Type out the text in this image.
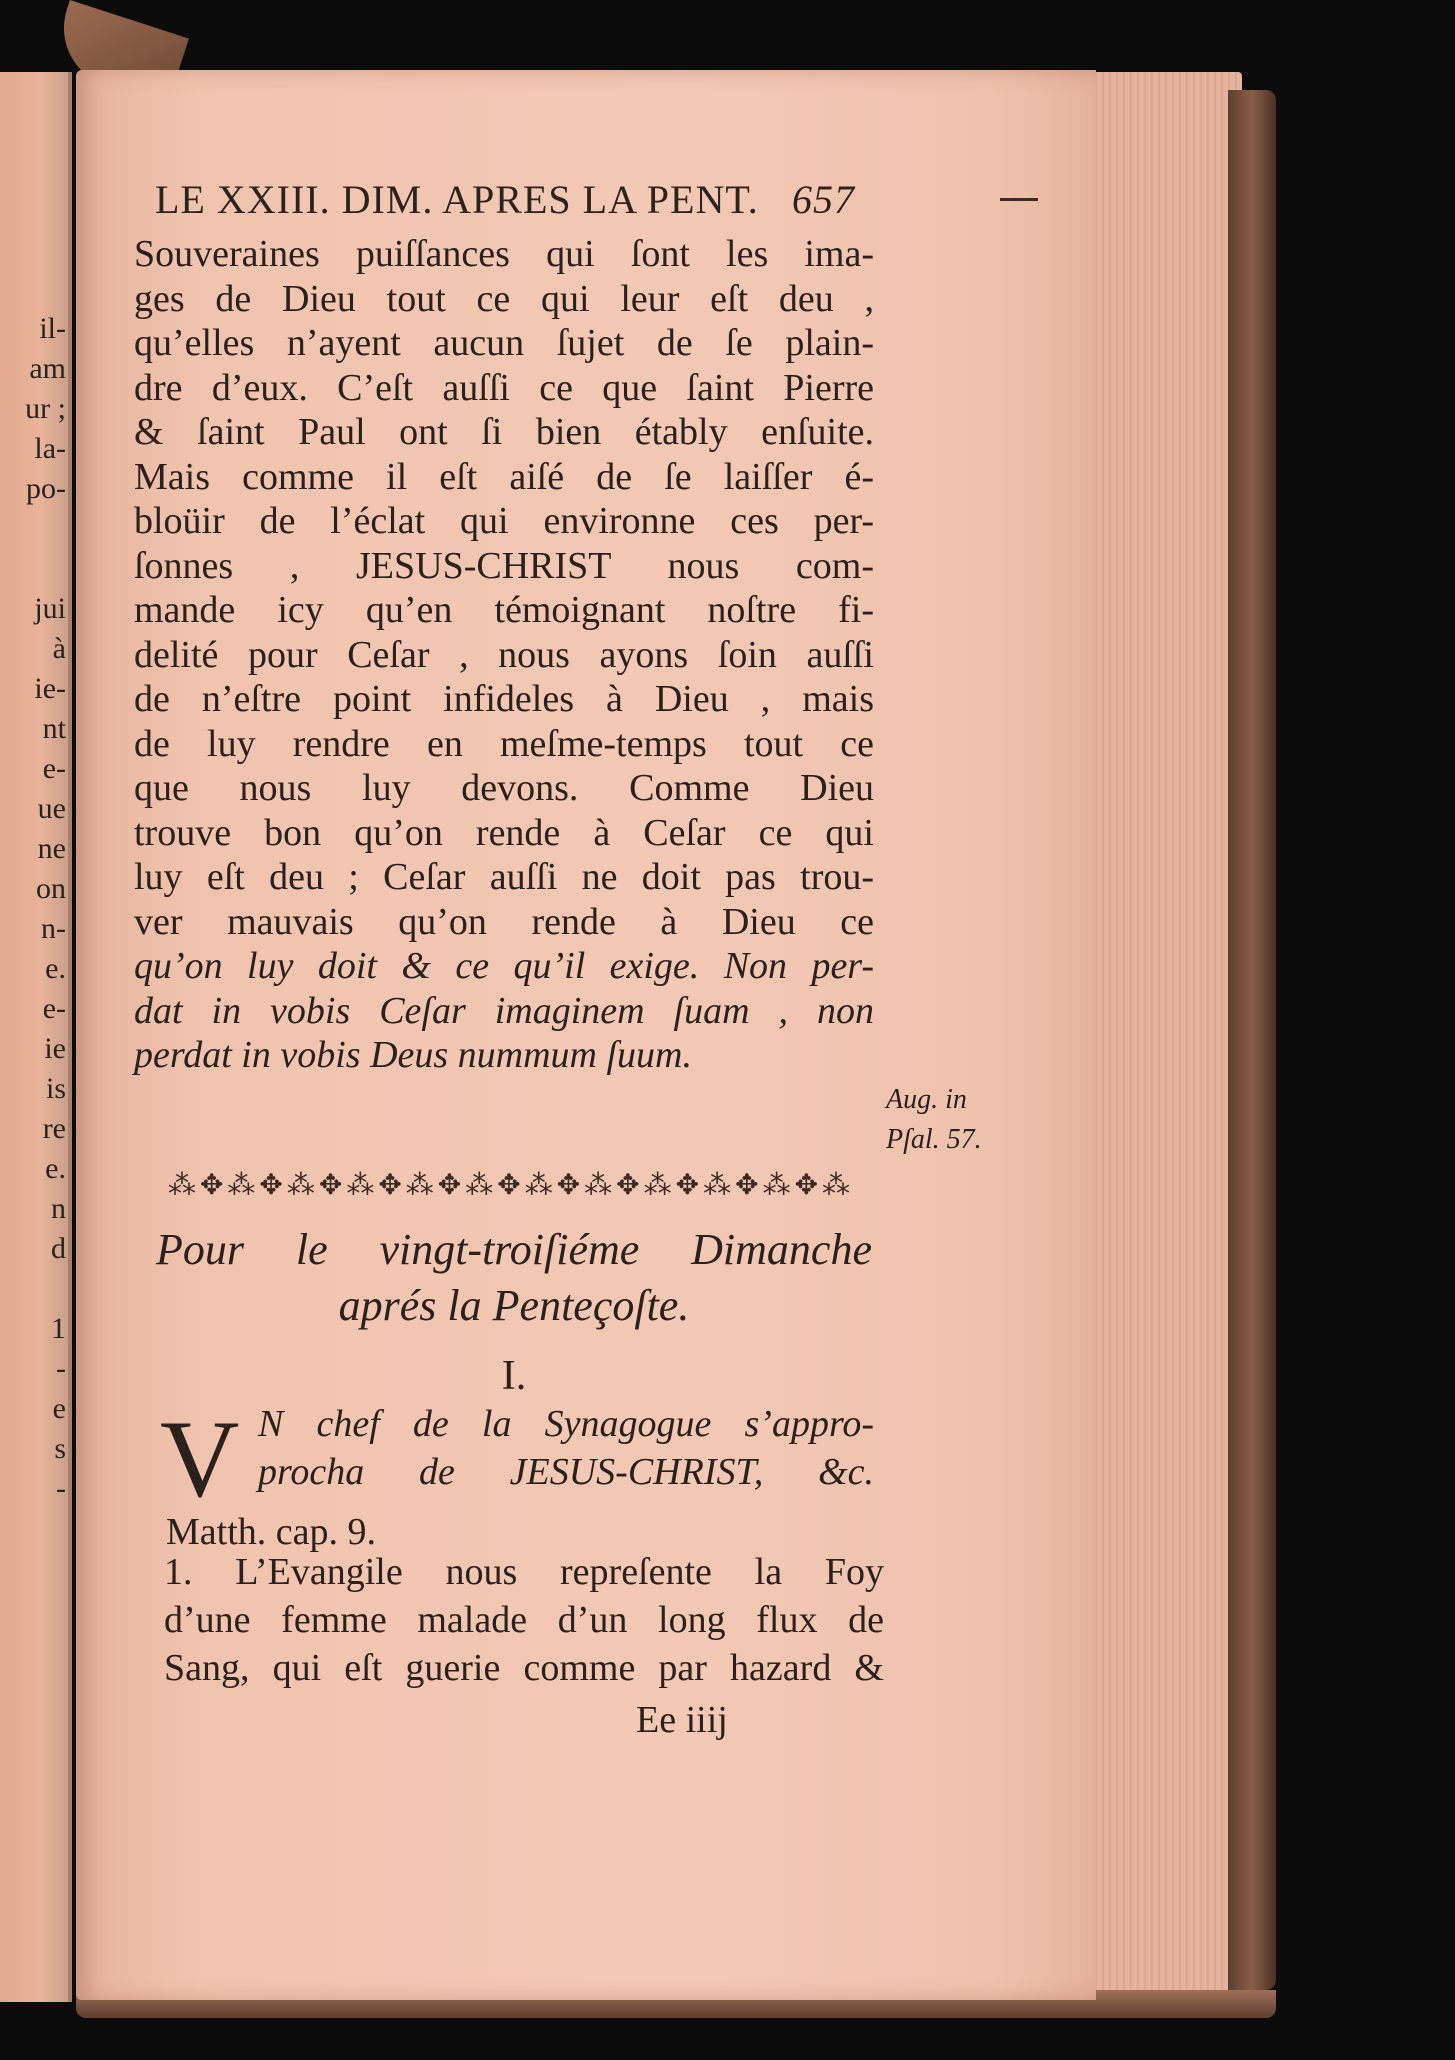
il-
am
ur ;
la-
po-
jui
à
ie-
nt
e-
ue
ne
on
n-
e.
e-
ie
is
re
e.
n
d
1
-
e
s
-
LE XXIII. DIM. APRES LA PENT. 657
Souveraines puiſſances qui ſont les ima-
ges de Dieu tout ce qui leur eſt deu ,
qu’elles n’ayent aucun ſujet de ſe plain-
dre d’eux. C’eſt auſſi ce que ſaint Pierre
& ſaint Paul ont ſi bien étably enſuite.
Mais comme il eſt aiſé de ſe laiſſer é-
bloüir de l’éclat qui environne ces per-
ſonnes , JESUS-CHRIST nous com-
mande icy qu’en témoignant noſtre fi-
delité pour Ceſar , nous ayons ſoin auſſi
de n’eſtre point infideles à Dieu , mais
de luy rendre en meſme-temps tout ce
que nous luy devons. Comme Dieu
trouve bon qu’on rende à Ceſar ce qui
luy eſt deu ; Ceſar auſſi ne doit pas trou-
ver mauvais qu’on rende à Dieu ce
qu’on luy doit & ce qu’il exige. Non per-
dat in vobis Ceſar imaginem ſuam , non
perdat in vobis Deus nummum ſuum.
Aug. in
Pſal. 57.
⁂✥⁂✥⁂✥⁂✥⁂✥⁂✥⁂✥⁂✥⁂✥⁂✥⁂✥⁂
Pour le vingt-troiſiéme Dimanche
aprés la Penteçoſte.
I.
V N chef de la Synagogue s’appro-
procha de JESUS-CHRIST, &c.
Matth. cap. 9.
1. L’Evangile nous repreſente la Foy
d’une femme malade d’un long flux de
Sang, qui eſt guerie comme par hazard &
Ee iiij
